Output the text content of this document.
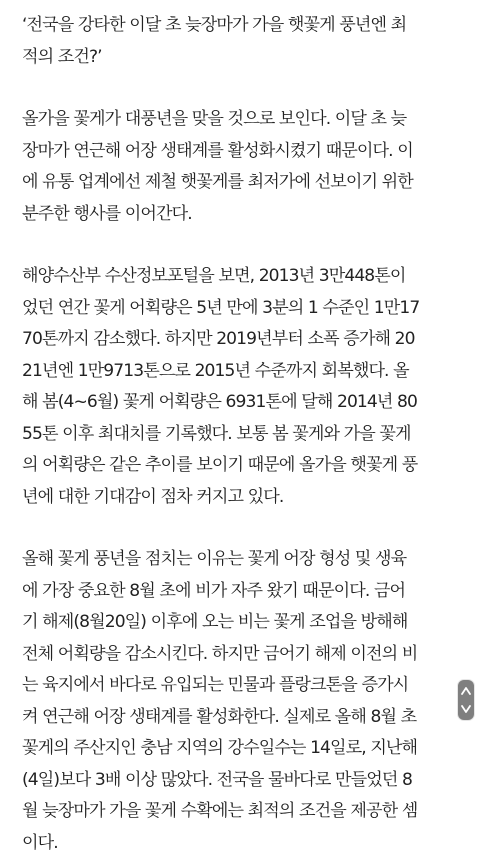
‘전국을 강타한 이달 초 늦장마가 가을 햇꽃게 풍년엔 최
적의 조건?’

올가을 꽃게가 대풍년을 맞을 것으로 보인다. 이달 초 늦
장마가 연근해 어장 생태계를 활성화시켰기 때문이다. 이
에 유통 업계에선 제철 햇꽃게를 최저가에 선보이기 위한
분주한 행사를 이어간다.

해양수산부 수산정보포털을 보면, 2013년 3만448톤이
었던 연간 꽃게 어획량은 5년 만에 3분의 1 수준인 1만17
70톤까지 감소했다. 하지만 2019년부터 소폭 증가해 20
21년엔 1만9713톤으로 2015년 수준까지 회복했다. 올
해 봄(4~6월) 꽃게 어획량은 6931톤에 달해 2014년 80
55톤 이후 최대치를 기록했다. 보통 봄 꽃게와 가을 꽃게
의 어획량은 같은 추이를 보이기 때문에 올가을 햇꽃게 풍
년에 대한 기대감이 점차 커지고 있다.

올해 꽃게 풍년을 점치는 이유는 꽃게 어장 형성 및 생육
에 가장 중요한 8월 초에 비가 자주 왔기 때문이다. 금어
기 해제(8월20일) 이후에 오는 비는 꽃게 조업을 방해해
전체 어획량을 감소시킨다. 하지만 금어기 해제 이전의 비
는 육지에서 바다로 유입되는 민물과 플랑크톤을 증가시
켜 연근해 어장 생태계를 활성화한다. 실제로 올해 8월 초
꽃게의 주산지인 충남 지역의 강수일수는 14일로, 지난해
(4일)보다 3배 이상 많았다. 전국을 물바다로 만들었던 8
월 늦장마가 가을 꽃게 수확에는 최적의 조건을 제공한 셈
이다.
